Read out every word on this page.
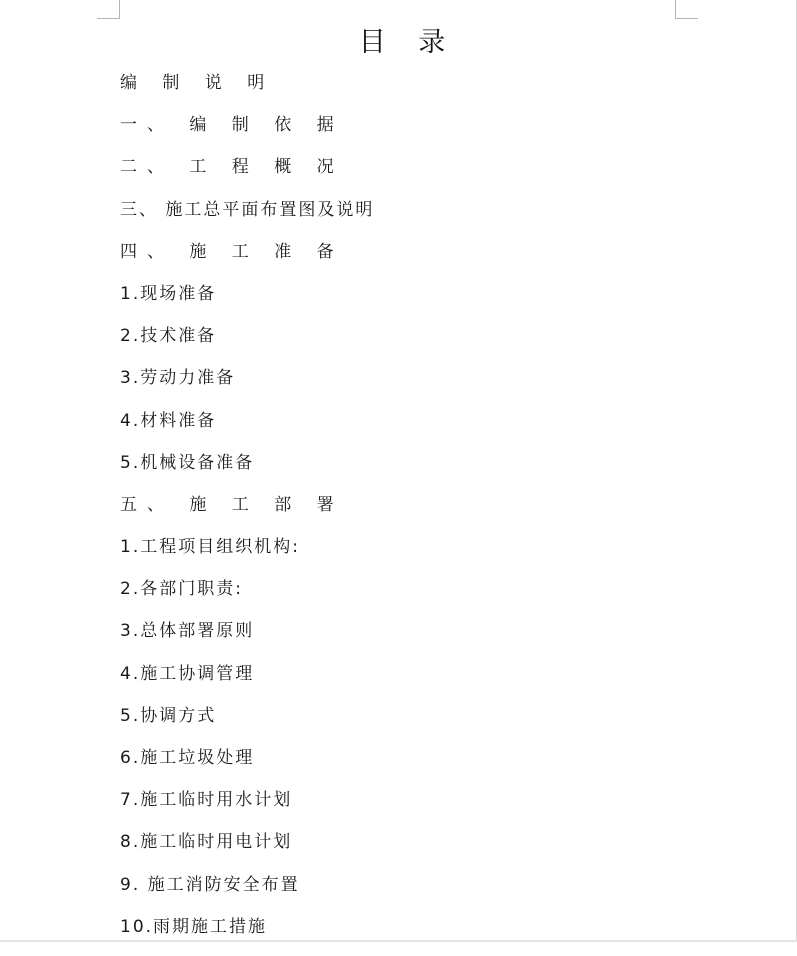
目 录
编 制 说 明
一、 编 制 依 据
二、 工 程 概 况
三、 施工总平面布置图及说明
四、 施 工 准 备
1.现场准备
2.技术准备
3.劳动力准备
4.材料准备
5.机械设备准备
五、 施 工 部 署
1.工程项目组织机构:
2.各部门职责:
3.总体部署原则
4.施工协调管理
5.协调方式
6.施工垃圾处理
7.施工临时用水计划
8.施工临时用电计划
9. 施工消防安全布置
10.雨期施工措施
